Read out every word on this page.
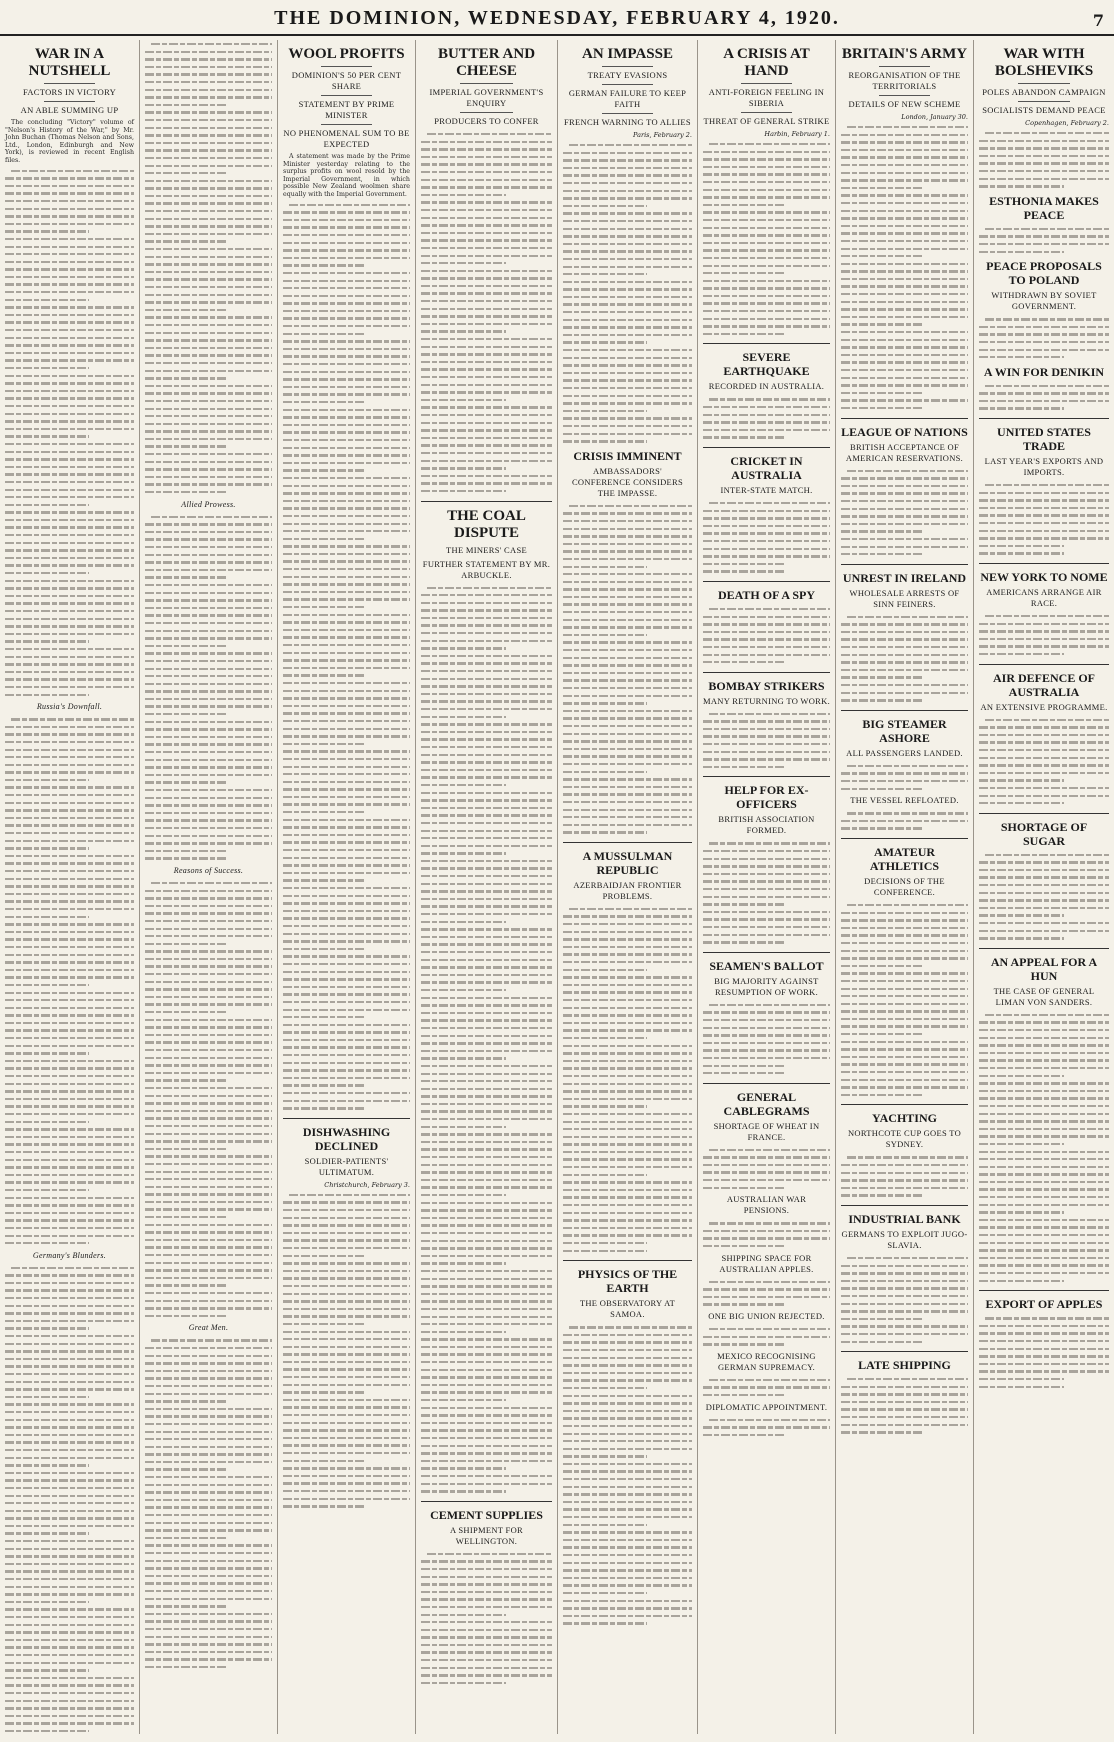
THE DOMINION, WEDNESDAY, FEBRUARY 4, 1920.	7
WAR IN A NUTSHELL
FACTORS IN VICTORY
AN ABLE SUMMING UP

The concluding "Victory" volume of "Nelson's History of the War," by Mr. John Buchan (Thomas Nelson and Sons, Ltd., London, Edinburgh and New York), is reviewed in recent English files.

Russia's Downfall.
Germany's Blunders.
Allied Prowess.
Reasons of Success.
Great Men.
WOOL PROFITS
DOMINION'S 50 PER CENT SHARE
STATEMENT BY PRIME MINISTER
NO PHENOMENAL SUM TO BE EXPECTED

A statement was made by the Prime Minister yesterday relating to the surplus profits on wool resold by the Imperial Government, in which possible New Zealand woolmen share equally with the Imperial Government.

DISHWASHING DECLINED
SOLDIER-PATIENTS' ULTIMATUM.
Christchurch, February 3.
BUTTER AND CHEESE
IMPERIAL GOVERNMENT'S ENQUIRY
PRODUCERS TO CONFER
THE COAL DISPUTE
THE MINERS' CASE
FURTHER STATEMENT BY MR. ARBUCKLE.
CEMENT SUPPLIES
A SHIPMENT FOR WELLINGTON.
AN IMPASSE
TREATY EVASIONS
GERMAN FAILURE TO KEEP FAITH
FRENCH WARNING TO ALLIES
Paris, February 2.
CRISIS IMMINENT
AMBASSADORS' CONFERENCE CONSIDERS THE IMPASSE.
A MUSSULMAN REPUBLIC
AZERBAIDJAN FRONTIER PROBLEMS.
PHYSICS OF THE EARTH
THE OBSERVATORY AT SAMOA.
A CRISIS AT HAND
ANTI-FOREIGN FEELING IN SIBERIA
THREAT OF GENERAL STRIKE
Harbin, February 1.
SEVERE EARTHQUAKE
RECORDED IN AUSTRALIA.
CRICKET IN AUSTRALIA
INTER-STATE MATCH.
DEATH OF A SPY
BOMBAY STRIKERS
MANY RETURNING TO WORK.
HELP FOR EX-OFFICERS
BRITISH ASSOCIATION FORMED.
SEAMEN'S BALLOT
BIG MAJORITY AGAINST RESUMPTION OF WORK.
GENERAL CABLEGRAMS
SHORTAGE OF WHEAT IN FRANCE.
AUSTRALIAN WAR PENSIONS.
SHIPPING SPACE FOR AUSTRALIAN APPLES.
ONE BIG UNION REJECTED.
MEXICO RECOGNISING GERMAN SUPREMACY.
DIPLOMATIC APPOINTMENT.
BRITAIN'S ARMY
REORGANISATION OF THE TERRITORIALS
DETAILS OF NEW SCHEME
London, January 30.
LEAGUE OF NATIONS
BRITISH ACCEPTANCE OF AMERICAN RESERVATIONS.
UNREST IN IRELAND
WHOLESALE ARRESTS OF SINN FEINERS.
BIG STEAMER ASHORE
ALL PASSENGERS LANDED.
THE VESSEL REFLOATED.
AMATEUR ATHLETICS
DECISIONS OF THE CONFERENCE.
YACHTING
NORTHCOTE CUP GOES TO SYDNEY.
INDUSTRIAL BANK
GERMANS TO EXPLOIT JUGO-SLAVIA.
LATE SHIPPING
WAR WITH BOLSHEVIKS
POLES ABANDON CAMPAIGN
SOCIALISTS DEMAND PEACE
Copenhagen, February 2.
ESTHONIA MAKES PEACE
PEACE PROPOSALS TO POLAND
WITHDRAWN BY SOVIET GOVERNMENT.
A WIN FOR DENIKIN
UNITED STATES TRADE
LAST YEAR'S EXPORTS AND IMPORTS.
NEW YORK TO NOME
AMERICANS ARRANGE AIR RACE.
AIR DEFENCE OF AUSTRALIA
AN EXTENSIVE PROGRAMME.
SHORTAGE OF SUGAR
AN APPEAL FOR A HUN
THE CASE OF GENERAL LIMAN VON SANDERS.
EXPORT OF APPLES
